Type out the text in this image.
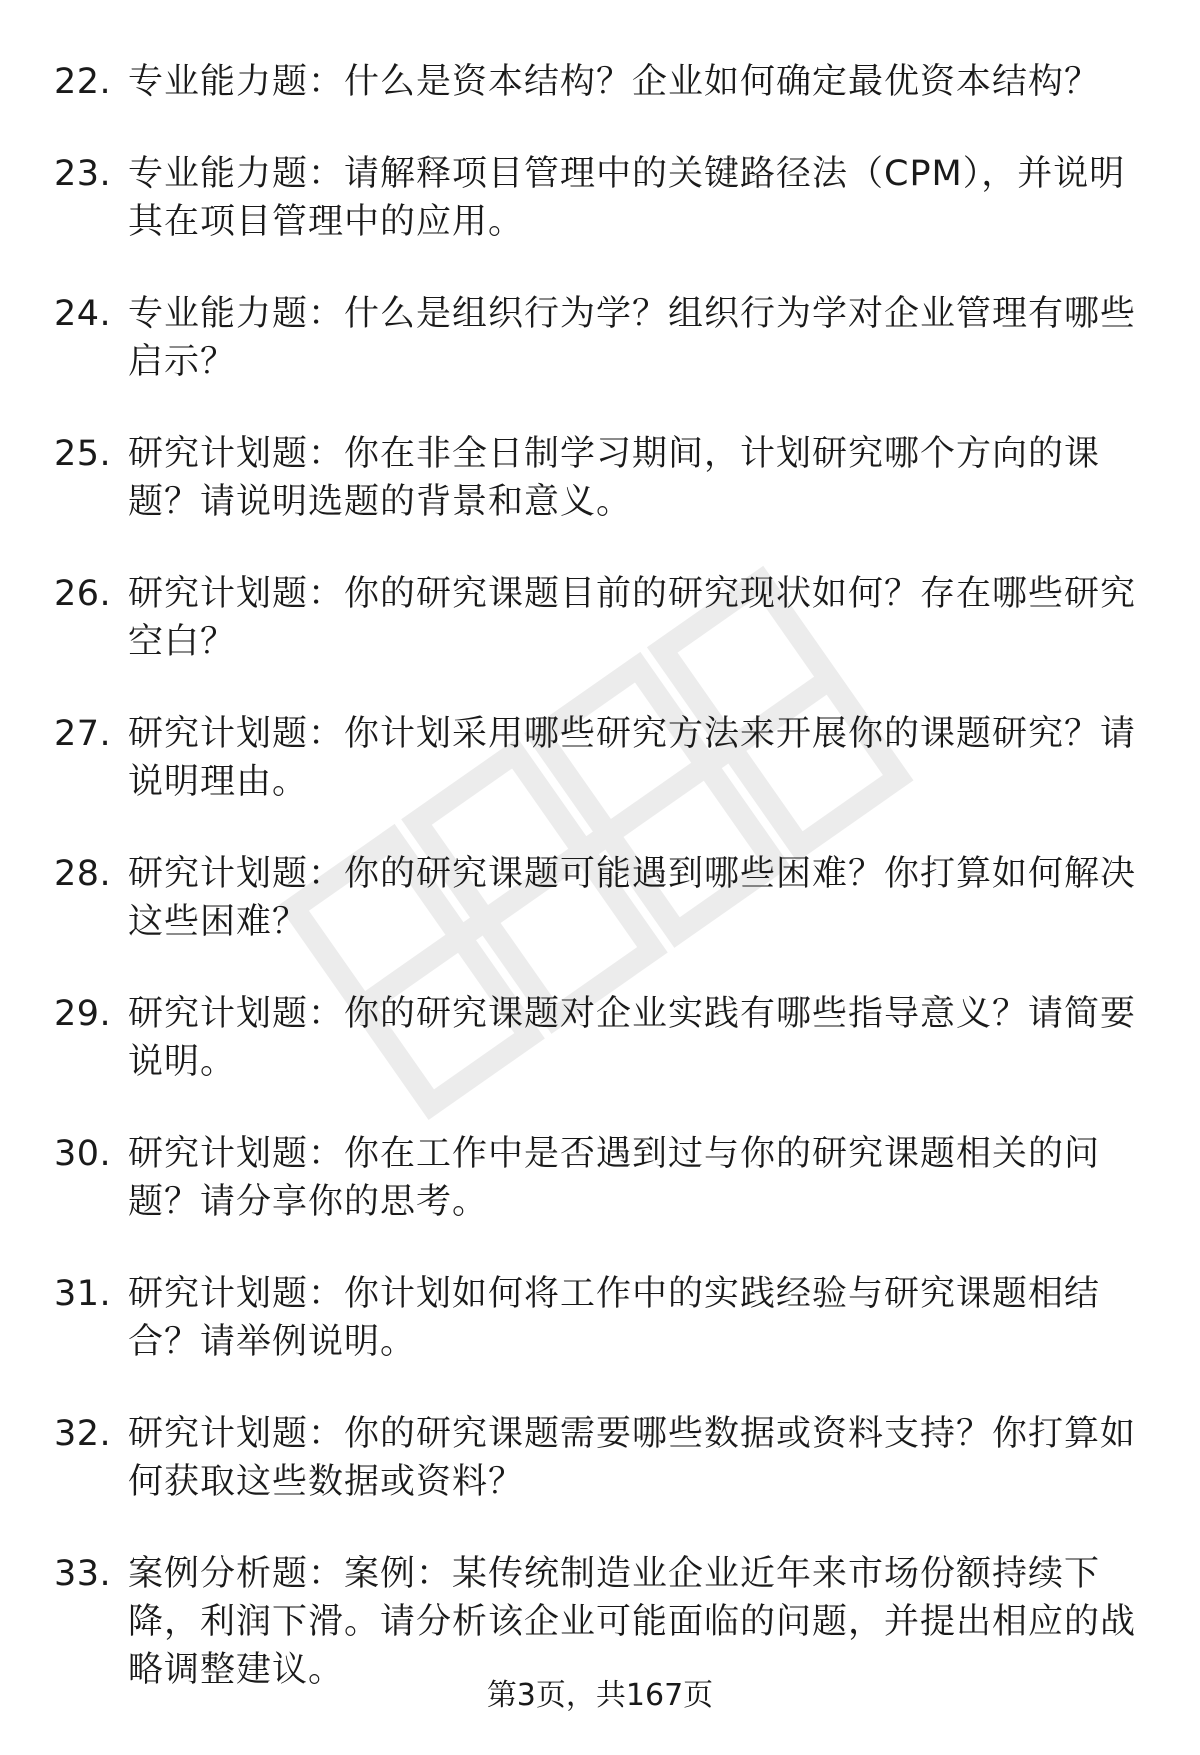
22. 专业能力题：什么是资本结构？企业如何确定最优资本结构？
23. 专业能力题：请解释项目管理中的关键路径法（CPM），并说明其在项目管理中的应用。
24. 专业能力题：什么是组织行为学？组织行为学对企业管理有哪些启示？
25. 研究计划题：你在非全日制学习期间，计划研究哪个方向的课题？请说明选题的背景和意义。
26. 研究计划题：你的研究课题目前的研究现状如何？存在哪些研究空白？
27. 研究计划题：你计划采用哪些研究方法来开展你的课题研究？请说明理由。
28. 研究计划题：你的研究课题可能遇到哪些困难？你打算如何解决这些困难？
29. 研究计划题：你的研究课题对企业实践有哪些指导意义？请简要说明。
30. 研究计划题：你在工作中是否遇到过与你的研究课题相关的问题？请分享你的思考。
31. 研究计划题：你计划如何将工作中的实践经验与研究课题相结合？请举例说明。
32. 研究计划题：你的研究课题需要哪些数据或资料支持？你打算如何获取这些数据或资料？
33. 案例分析题：案例：某传统制造业企业近年来市场份额持续下降，利润下滑。请分析该企业可能面临的问题，并提出相应的战略调整建议。
第3页，共167页
